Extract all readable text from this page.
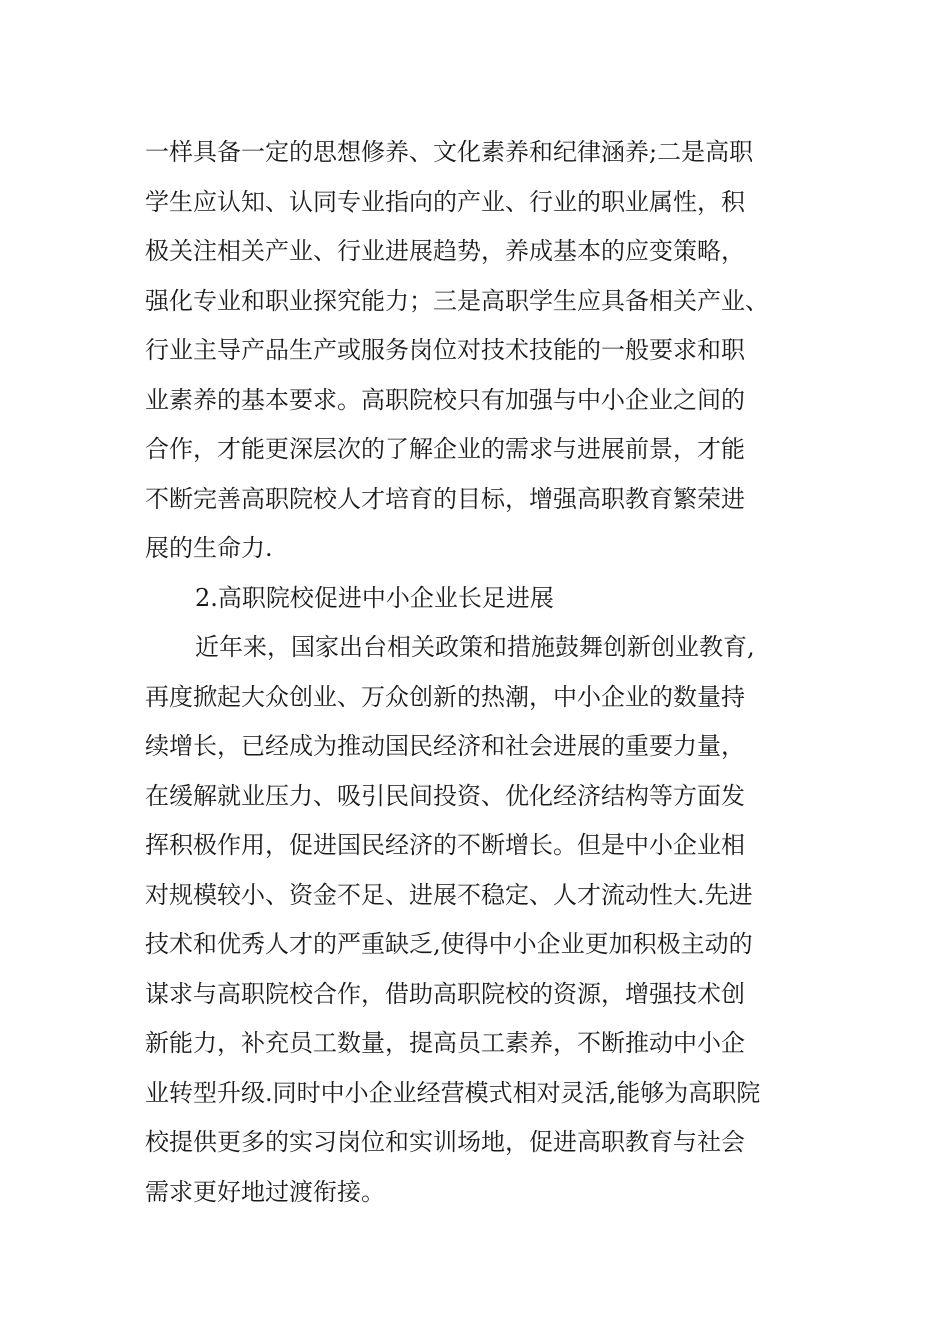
一样具备一定的思想修养、文化素养和纪律涵养;二是高职
学生应认知、认同专业指向的产业、行业的职业属性，积
极关注相关产业、行业进展趋势，养成基本的应变策略，
强化专业和职业探究能力；三是高职学生应具备相关产业、
行业主导产品生产或服务岗位对技术技能的一般要求和职
业素养的基本要求。高职院校只有加强与中小企业之间的
合作，才能更深层次的了解企业的需求与进展前景，才能
不断完善高职院校人才培育的目标，增强高职教育繁荣进
展的生命力.
2.高职院校促进中小企业长足进展
近年来，国家出台相关政策和措施鼓舞创新创业教育,
再度掀起大众创业、万众创新的热潮，中小企业的数量持
续增长，已经成为推动国民经济和社会进展的重要力量，
在缓解就业压力、吸引民间投资、优化经济结构等方面发
挥积极作用，促进国民经济的不断增长。但是中小企业相
对规模较小、资金不足、进展不稳定、人才流动性大.先进
技术和优秀人才的严重缺乏,使得中小企业更加积极主动的
谋求与高职院校合作，借助高职院校的资源，增强技术创
新能力，补充员工数量，提高员工素养，不断推动中小企
业转型升级.同时中小企业经营模式相对灵活,能够为高职院
校提供更多的实习岗位和实训场地，促进高职教育与社会
需求更好地过渡衔接。
